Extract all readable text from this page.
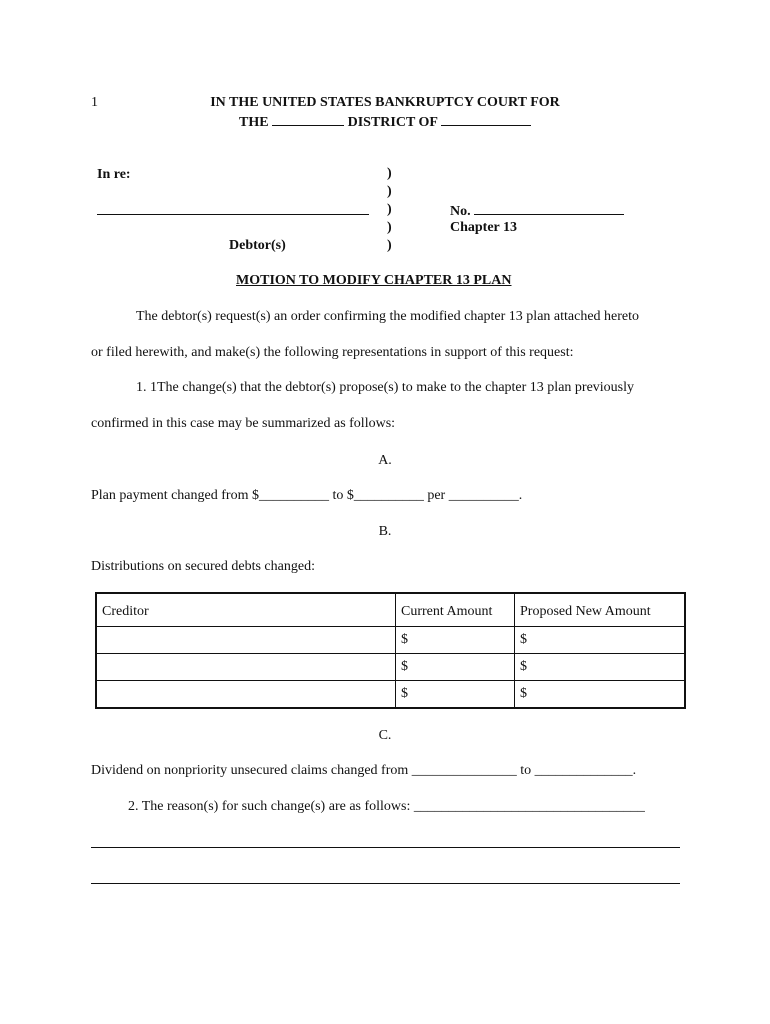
1	IN THE UNITED STATES BANKRUPTCY COURT FOR
THE	DISTRICT OF
In re:
Debtor(s)
)
)
)
)
)
No.
Chapter 13
MOTION TO MODIFY CHAPTER 13 PLAN
The debtor(s) request(s) an order confirming the modified chapter 13 plan attached hereto
or filed herewith, and make(s) the following representations in support of this request:
1. 1The change(s) that the debtor(s) propose(s) to make to the chapter 13 plan previously
confirmed in this case may be summarized as follows:
A.
Plan payment changed from $__________ to $__________ per __________.
B.
Distributions on secured debts changed:
Creditor	Current Amount	Proposed New Amount
	$	$
	$	$
	$	$
C.
Dividend on nonpriority unsecured claims changed from _______________ to ______________.
2. The reason(s) for such change(s) are as follows: _________________________________
